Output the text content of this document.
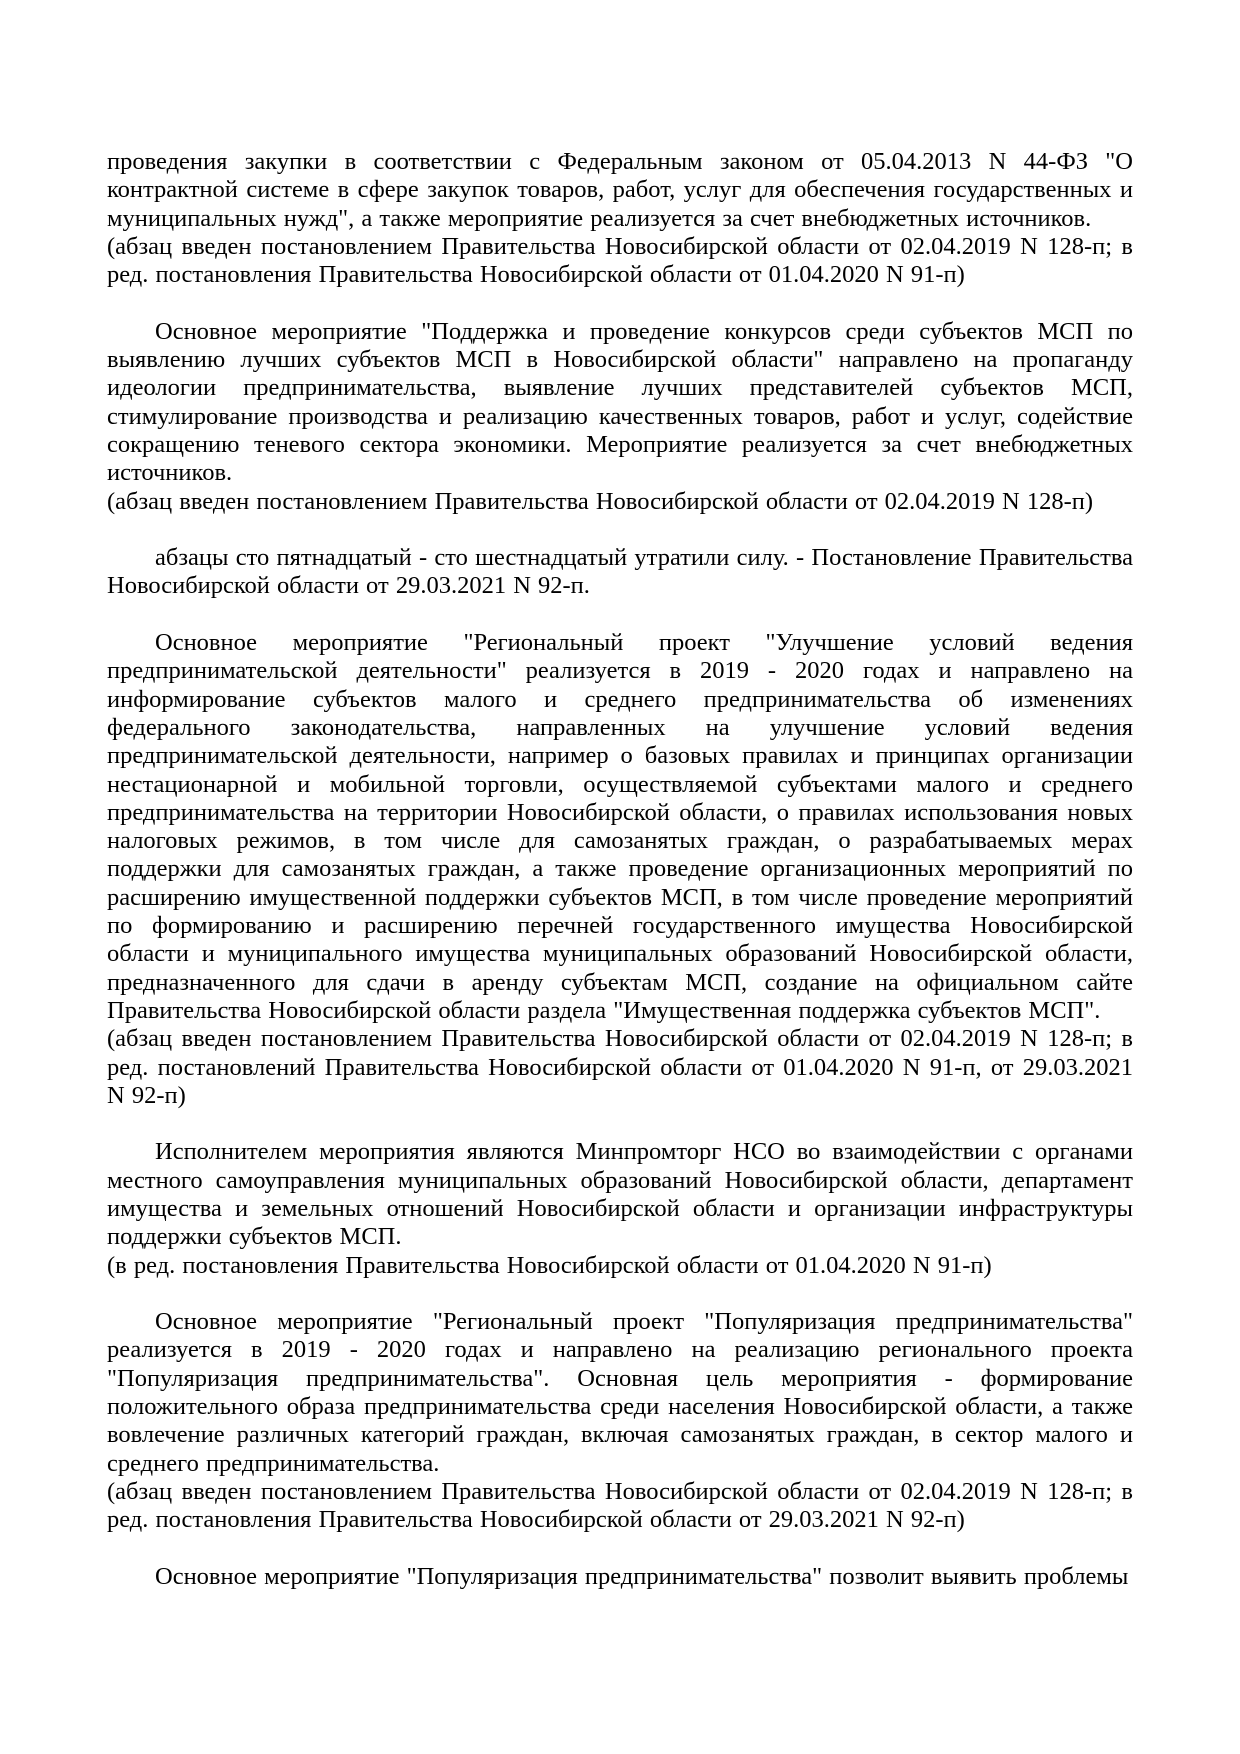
проведения закупки в соответствии с Федеральным законом от 05.04.2013 N 44-ФЗ "О контрактной системе в сфере закупок товаров, работ, услуг для обеспечения государственных и муниципальных нужд", а также мероприятие реализуется за счет внебюджетных источников.

(абзац введен постановлением Правительства Новосибирской области от 02.04.2019 N 128-п; в ред. постановления Правительства Новосибирской области от 01.04.2020 N 91-п)

Основное мероприятие "Поддержка и проведение конкурсов среди субъектов МСП по выявлению лучших субъектов МСП в Новосибирской области" направлено на пропаганду идеологии предпринимательства, выявление лучших представителей субъектов МСП, стимулирование производства и реализацию качественных товаров, работ и услуг, содействие сокращению теневого сектора экономики. Мероприятие реализуется за счет внебюджетных источников.

(абзац введен постановлением Правительства Новосибирской области от 02.04.2019 N 128-п)

абзацы сто пятнадцатый - сто шестнадцатый утратили силу. - Постановление Правительства Новосибирской области от 29.03.2021 N 92-п.

Основное мероприятие "Региональный проект "Улучшение условий ведения предпринимательской деятельности" реализуется в 2019 - 2020 годах и направлено на информирование субъектов малого и среднего предпринимательства об изменениях федерального законодательства, направленных на улучшение условий ведения предпринимательской деятельности, например о базовых правилах и принципах организации нестационарной и мобильной торговли, осуществляемой субъектами малого и среднего предпринимательства на территории Новосибирской области, о правилах использования новых налоговых режимов, в том числе для самозанятых граждан, о разрабатываемых мерах поддержки для самозанятых граждан, а также проведение организационных мероприятий по расширению имущественной поддержки субъектов МСП, в том числе проведение мероприятий по формированию и расширению перечней государственного имущества Новосибирской области и муниципального имущества муниципальных образований Новосибирской области, предназначенного для сдачи в аренду субъектам МСП, создание на официальном сайте Правительства Новосибирской области раздела "Имущественная поддержка субъектов МСП".

(абзац введен постановлением Правительства Новосибирской области от 02.04.2019 N 128-п; в ред. постановлений Правительства Новосибирской области от 01.04.2020 N 91-п, от 29.03.2021 N 92-п)

Исполнителем мероприятия являются Минпромторг НСО во взаимодействии с органами местного самоуправления муниципальных образований Новосибирской области, департамент имущества и земельных отношений Новосибирской области и организации инфраструктуры поддержки субъектов МСП.

(в ред. постановления Правительства Новосибирской области от 01.04.2020 N 91-п)

Основное мероприятие "Региональный проект "Популяризация предпринимательства" реализуется в 2019 - 2020 годах и направлено на реализацию регионального проекта "Популяризация предпринимательства". Основная цель мероприятия - формирование положительного образа предпринимательства среди населения Новосибирской области, а также вовлечение различных категорий граждан, включая самозанятых граждан, в сектор малого и среднего предпринимательства.

(абзац введен постановлением Правительства Новосибирской области от 02.04.2019 N 128-п; в ред. постановления Правительства Новосибирской области от 29.03.2021 N 92-п)

Основное мероприятие "Популяризация предпринимательства" позволит выявить проблемы
